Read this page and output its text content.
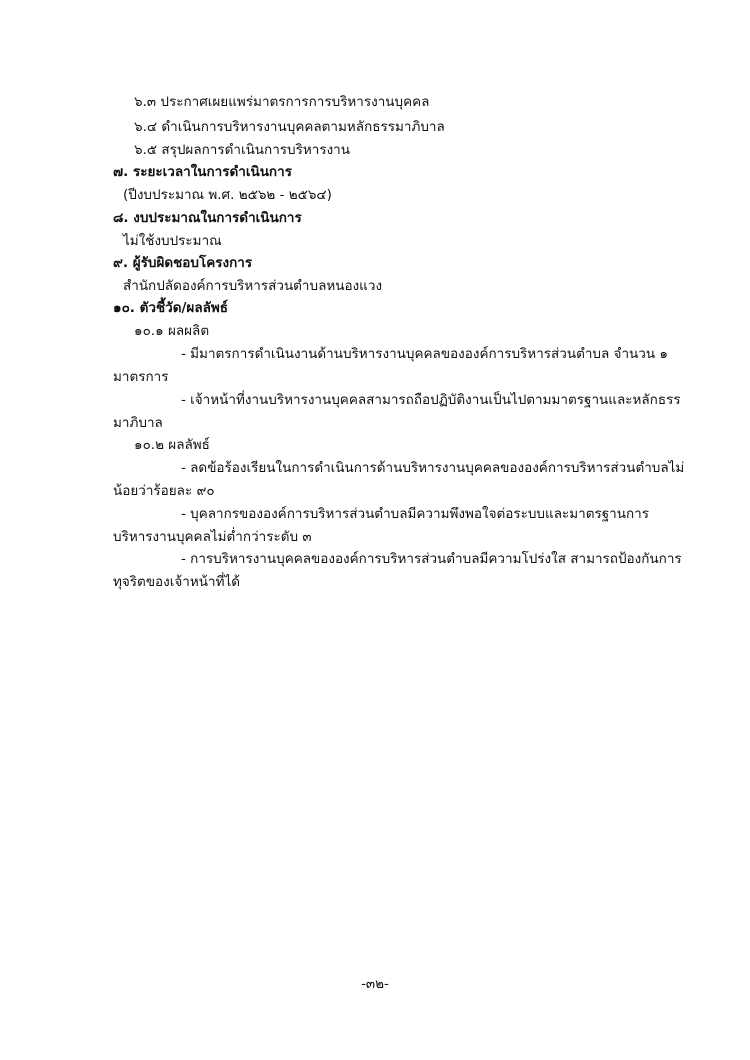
๖.๓ ประกาศเผยแพร่มาตรการการบริหารงานบุคคล
๖.๔ ดำเนินการบริหารงานบุคคลตามหลักธรรมาภิบาล
๖.๕ สรุปผลการดำเนินการบริหารงาน
๗. ระยะเวลาในการดำเนินการ
(ปีงบประมาณ พ.ศ. ๒๕๖๒ - ๒๕๖๔)
๘. งบประมาณในการดำเนินการ
ไม่ใช้งบประมาณ
๙. ผู้รับผิดชอบโครงการ
สำนักปลัดองค์การบริหารส่วนตำบลหนองแวง
๑๐. ตัวชี้วัด/ผลลัพธ์
๑๐.๑ ผลผลิต
- มีมาตรการดำเนินงานด้านบริหารงานบุคคลขององค์การบริหารส่วนตำบล จำนวน ๑
มาตรการ
- เจ้าหน้าที่งานบริหารงานบุคคลสามารถถือปฏิบัติงานเป็นไปตามมาตรฐานและหลักธรร
มาภิบาล
๑๐.๒ ผลลัพธ์
- ลดข้อร้องเรียนในการดำเนินการด้านบริหารงานบุคคลขององค์การบริหารส่วนตำบลไม่
น้อยว่าร้อยละ ๙๐
- บุคลากรขององค์การบริหารส่วนตำบลมีความพึงพอใจต่อระบบและมาตรฐานการ
บริหารงานบุคคลไม่ต่ำกว่าระดับ ๓
- การบริหารงานบุคคลขององค์การบริหารส่วนตำบลมีความโปร่งใส สามารถป้องกันการ
ทุจริตของเจ้าหน้าที่ได้
-๓๒-
